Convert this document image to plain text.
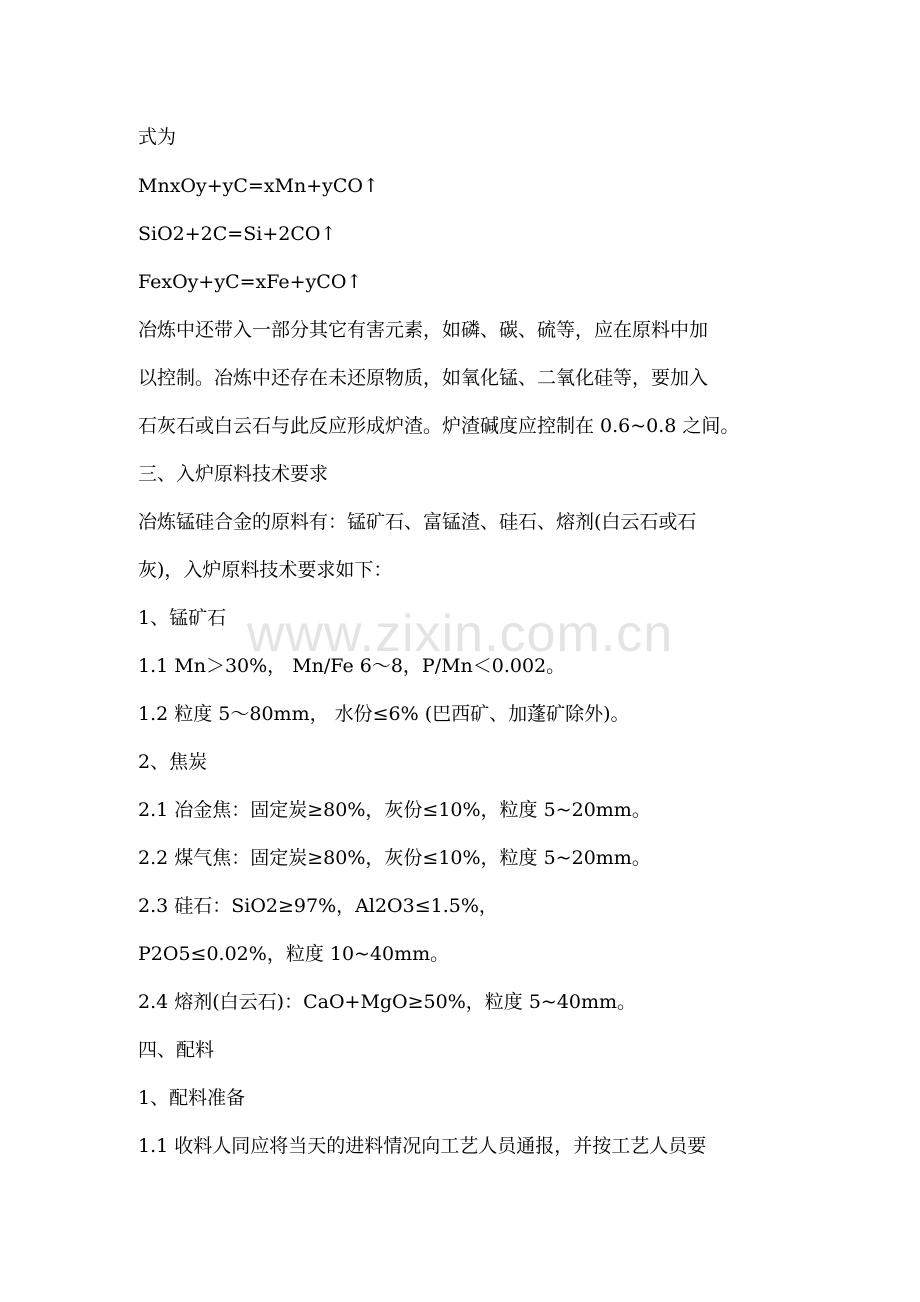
式为

MnxOy+yC=xMn+yCO↑

SiO2+2C=Si+2CO↑

FexOy+yC=xFe+yCO↑

冶炼中还带入一部分其它有害元素，如磷、碳、硫等，应在原料中加

以控制。冶炼中还存在未还原物质，如氧化锰、二氧化硅等，要加入

石灰石或白云石与此反应形成炉渣。炉渣碱度应控制在 0.6~0.8 之间。

三、入炉原料技术要求

冶炼锰硅合金的原料有：锰矿石、富锰渣、硅石、熔剂(白云石或石

灰)，入炉原料技术要求如下：

1、锰矿石

1.1 Mn＞30%， Mn/Fe 6～8，P/Mn＜0.002。

1.2 粒度 5～80mm， 水份≤6% (巴西矿、加蓬矿除外)。

2、焦炭

2.1 冶金焦：固定炭≥80%，灰份≤10%，粒度 5~20mm。

2.2 煤气焦：固定炭≥80%，灰份≤10%，粒度 5~20mm。

2.3 硅石：SiO2≥97%，Al2O3≤1.5%，

P2O5≤0.02%，粒度 10~40mm。

2.4 熔剂(白云石)：CaO+MgO≥50%，粒度 5~40mm。

四、配料

1、配料准备

1.1 收料人同应将当天的进料情况向工艺人员通报，并按工艺人员要

www.zixin.com.cn
